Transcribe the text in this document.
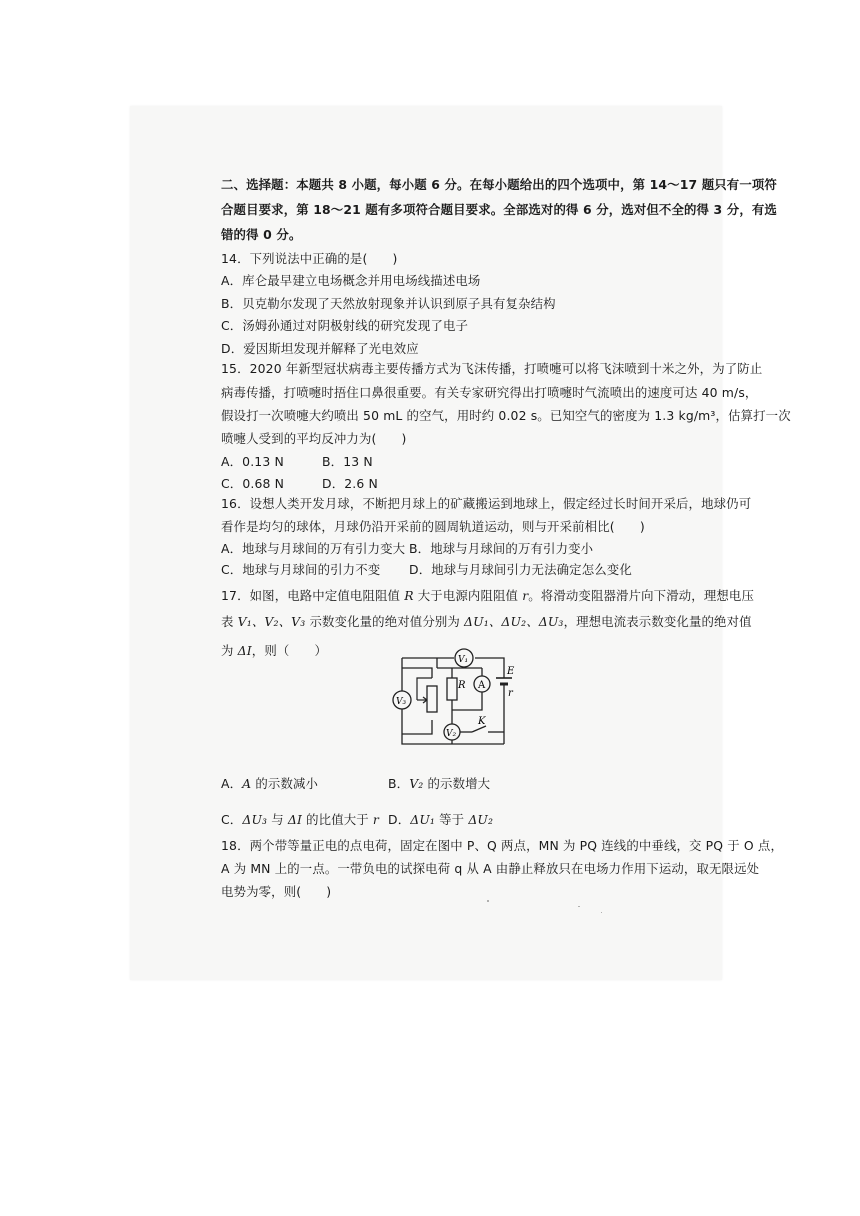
二、选择题：本题共 8 小题，每小题 6 分。在每小题给出的四个选项中，第 14～17 题只有一项符
合题目要求，第 18～21 题有多项符合题目要求。全部选对的得 6 分，选对但不全的得 3 分，有选
错的得 0 分。
14．下列说法中正确的是(　　)
A．库仑最早建立电场概念并用电场线描述电场
B．贝克勒尔发现了天然放射现象并认识到原子具有复杂结构
C．汤姆孙通过对阴极射线的研究发现了电子
D．爱因斯坦发现并解释了光电效应
15．2020 年新型冠状病毒主要传播方式为飞沫传播，打喷嚏可以将飞沫喷到十米之外，为了防止
病毒传播，打喷嚏时捂住口鼻很重要。有关专家研究得出打喷嚏时气流喷出的速度可达 40 m/s，
假设打一次喷嚏大约喷出 50 mL 的空气，用时约 0.02 s。已知空气的密度为 1.3 kg/m³，估算打一次
喷嚏人受到的平均反冲力为(　　)
A．0.13 N	B．13 N
C．0.68 N	D．2.6 N
16．设想人类开发月球，不断把月球上的矿藏搬运到地球上，假定经过长时间开采后，地球仍可
看作是均匀的球体，月球仍沿开采前的圆周轨道运动，则与开采前相比(　　)
A．地球与月球间的万有引力变大 B．地球与月球间的万有引力变小
C．地球与月球间的引力不变 D．地球与月球间引力无法确定怎么变化
17．如图，电路中定值电阻阻值 R 大于电源内阻阻值 r。将滑动变阻器滑片向下滑动，理想电压
表 V₁、V₂、V₃ 示数变化量的绝对值分别为 ΔU₁、ΔU₂、ΔU₃，理想电流表示数变化量的绝对值
为 ΔI，则（　　）
R
V₁
V₃
V₂
A
E
r
K
A．A 的示数减小	B．V₂ 的示数增大
C．ΔU₃ 与 ΔI 的比值大于 r D．ΔU₁ 等于 ΔU₂
18．两个带等量正电的点电荷，固定在图中 P、Q 两点，MN 为 PQ 连线的中垂线，交 PQ 于 O 点，
A 为 MN 上的一点。一带负电的试探电荷 q 从 A 由静止释放只在电场力作用下运动，取无限远处
电势为零，则(　　)
